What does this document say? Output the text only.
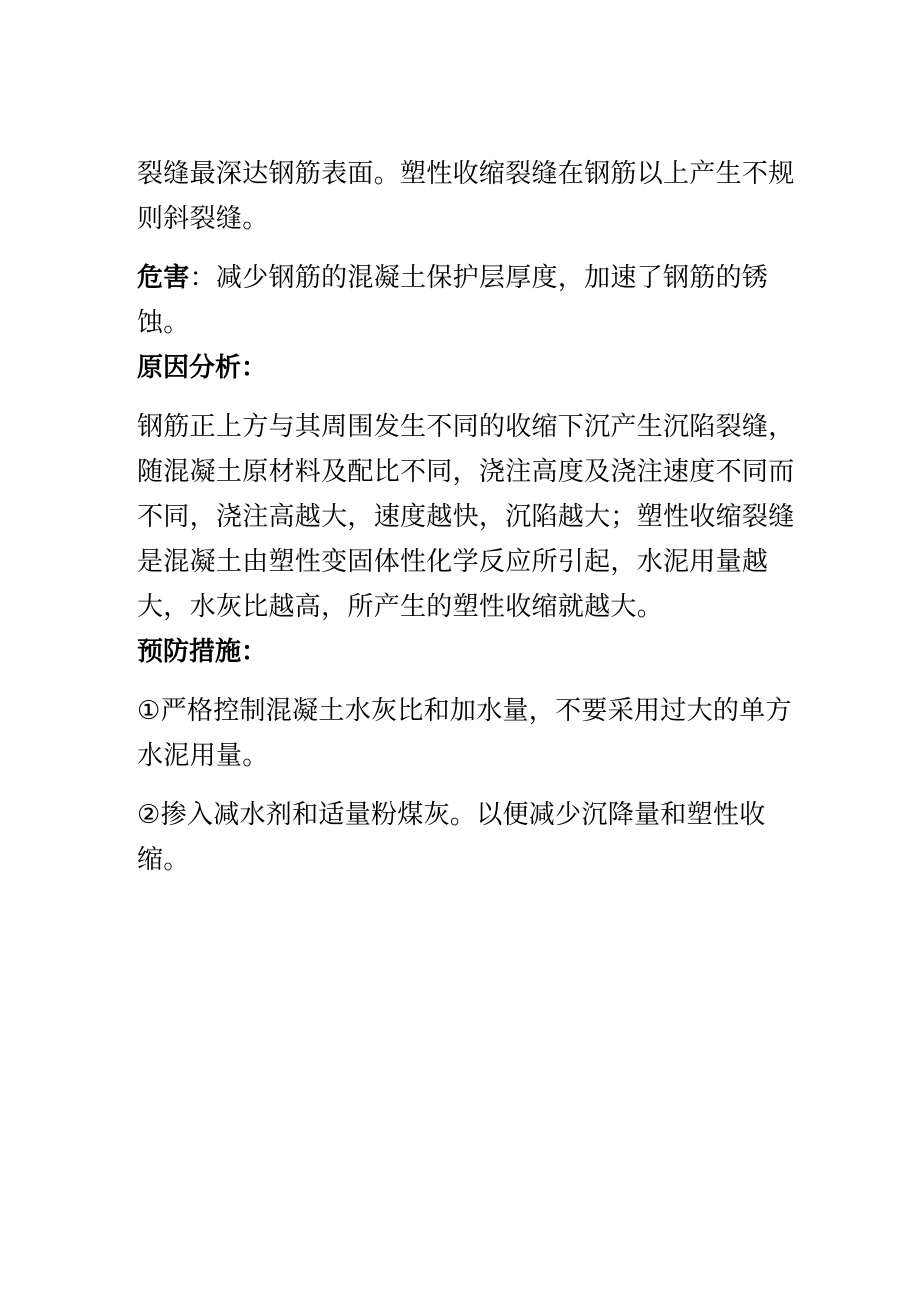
裂缝最深达钢筋表面。塑性收缩裂缝在钢筋以上产生不规则斜裂缝。

危害：减少钢筋的混凝土保护层厚度，加速了钢筋的锈蚀。

原因分析：

钢筋正上方与其周围发生不同的收缩下沉产生沉陷裂缝，随混凝土原材料及配比不同，浇注高度及浇注速度不同而不同，浇注高越大，速度越快，沉陷越大；塑性收缩裂缝是混凝土由塑性变固体性化学反应所引起，水泥用量越大，水灰比越高，所产生的塑性收缩就越大。

预防措施：

①严格控制混凝土水灰比和加水量，不要采用过大的单方水泥用量。

②掺入减水剂和适量粉煤灰。以便减少沉降量和塑性收缩。
